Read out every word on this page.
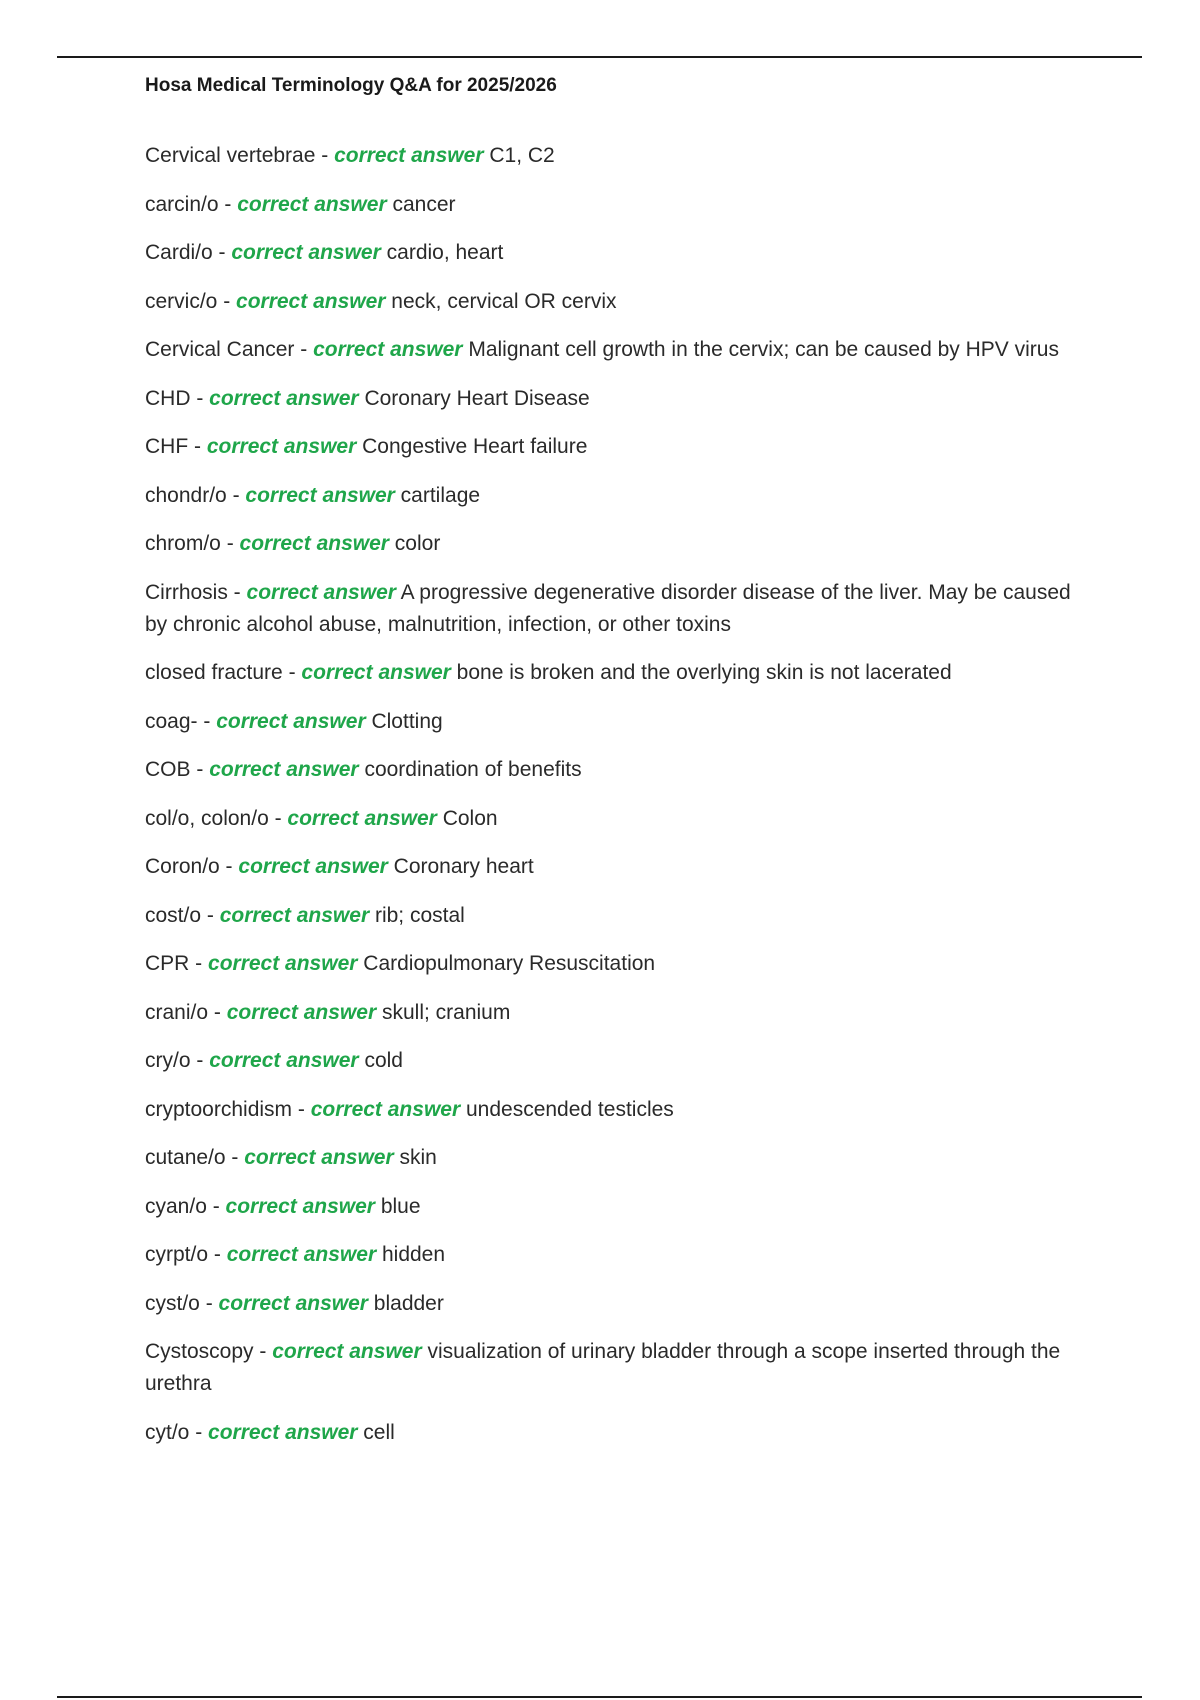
Hosa Medical Terminology Q&A for 2025/2026
Cervical vertebrae - correct answer C1, C2
carcin/o - correct answer cancer
Cardi/o - correct answer cardio, heart
cervic/o - correct answer neck, cervical OR cervix
Cervical Cancer - correct answer Malignant cell growth in the cervix; can be caused by HPV virus
CHD - correct answer Coronary Heart Disease
CHF - correct answer Congestive Heart failure
chondr/o - correct answer cartilage
chrom/o - correct answer color
Cirrhosis - correct answer A progressive degenerative disorder disease of the liver. May be caused by chronic alcohol abuse, malnutrition, infection, or other toxins
closed fracture - correct answer bone is broken and the overlying skin is not lacerated
coag- - correct answer Clotting
COB - correct answer coordination of benefits
col/o, colon/o - correct answer Colon
Coron/o - correct answer Coronary heart
cost/o - correct answer rib; costal
CPR - correct answer Cardiopulmonary Resuscitation
crani/o - correct answer skull; cranium
cry/o - correct answer cold
cryptoorchidism - correct answer undescended testicles
cutane/o - correct answer skin
cyan/o - correct answer blue
cyrpt/o - correct answer hidden
cyst/o - correct answer bladder
Cystoscopy - correct answer visualization of urinary bladder through a scope inserted through the urethra
cyt/o - correct answer cell
